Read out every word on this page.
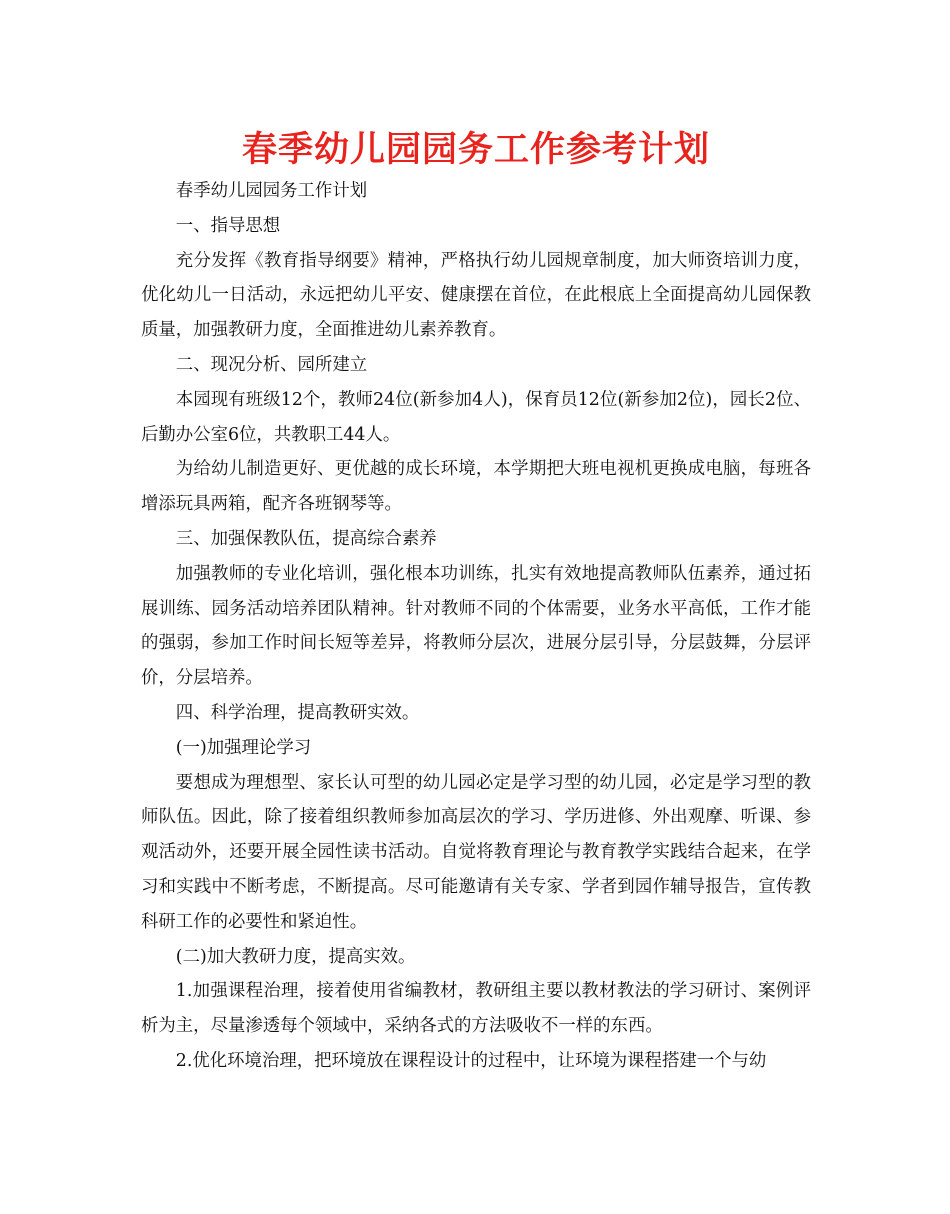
春季幼儿园园务工作参考计划

春季幼儿园园务工作计划

一、指导思想

充分发挥《教育指导纲要》精神，严格执行幼儿园规章制度，加大师资培训力度，优化幼儿一日活动，永远把幼儿平安、健康摆在首位，在此根底上全面提高幼儿园保教质量，加强教研力度，全面推进幼儿素养教育。

二、现况分析、园所建立

本园现有班级12个，教师24位(新参加4人)，保育员12位(新参加2位)，园长2位、后勤办公室6位，共教职工44人。

为给幼儿制造更好、更优越的成长环境，本学期把大班电视机更换成电脑，每班各增添玩具两箱，配齐各班钢琴等。

三、加强保教队伍，提高综合素养

加强教师的专业化培训，强化根本功训练，扎实有效地提高教师队伍素养，通过拓展训练、园务活动培养团队精神。针对教师不同的个体需要，业务水平高低，工作才能的强弱，参加工作时间长短等差异，将教师分层次，进展分层引导，分层鼓舞，分层评价，分层培养。

四、科学治理，提高教研实效。

(一)加强理论学习

要想成为理想型、家长认可型的幼儿园必定是学习型的幼儿园，必定是学习型的教师队伍。因此，除了接着组织教师参加高层次的学习、学历进修、外出观摩、听课、参观活动外，还要开展全园性读书活动。自觉将教育理论与教育教学实践结合起来，在学习和实践中不断考虑，不断提高。尽可能邀请有关专家、学者到园作辅导报告，宣传教科研工作的必要性和紧迫性。

(二)加大教研力度，提高实效。

1.加强课程治理，接着使用省编教材，教研组主要以教材教法的学习研讨、案例评析为主，尽量渗透每个领域中，采纳各式的方法吸收不一样的东西。

2.优化环境治理，把环境放在课程设计的过程中，让环境为课程搭建一个与幼
